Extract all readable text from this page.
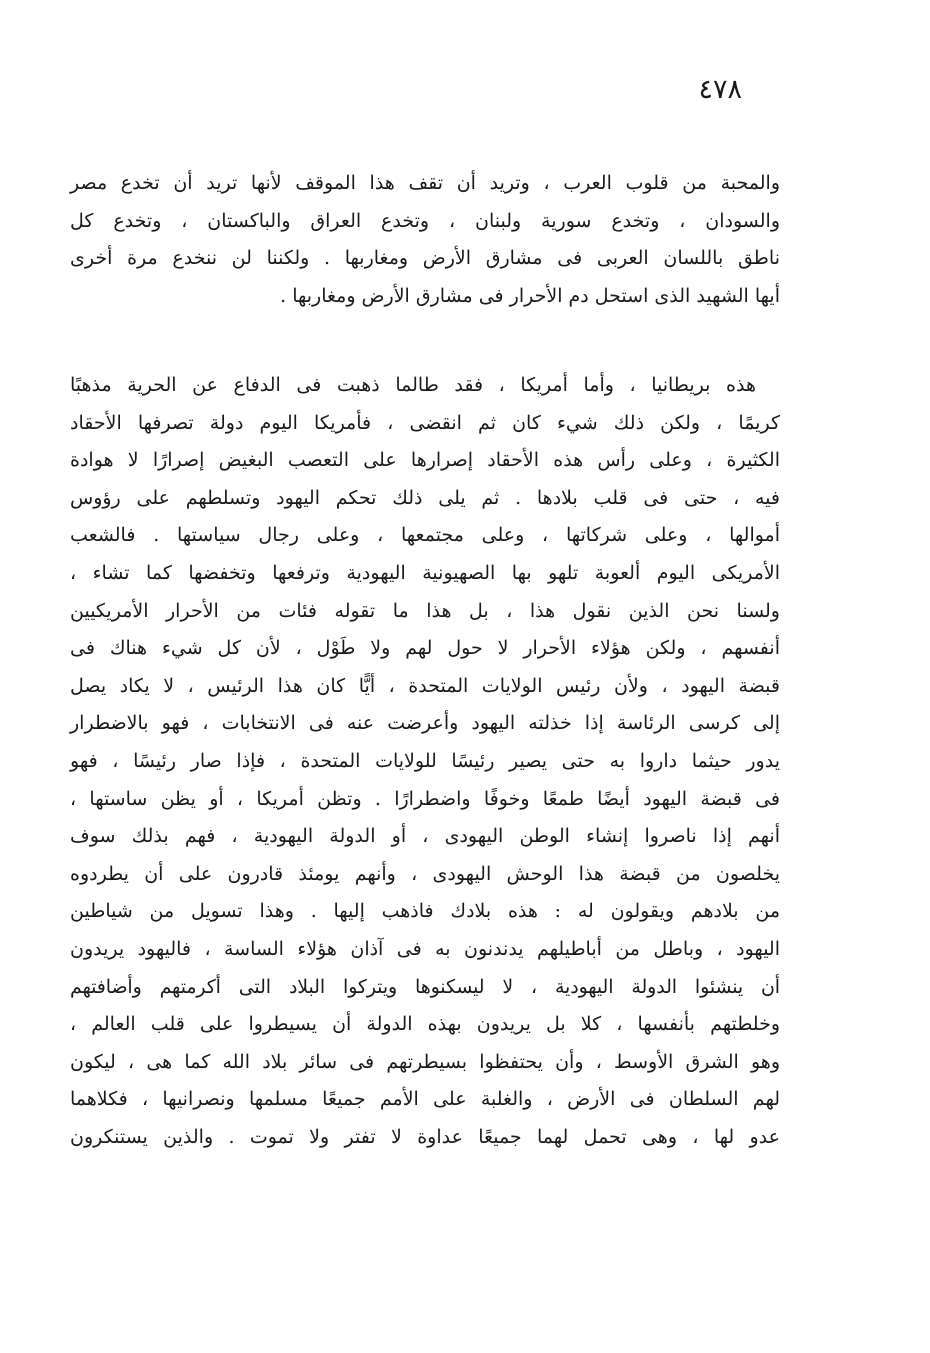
٤٧٨
والمحبة من قلوب العرب ، وتريد أن تقف هذا الموقف لأنها تريد أن تخدع مصر
والسودان ، وتخدع سورية ولبنان ، وتخدع العراق والباكستان ، وتخدع كل
ناطق باللسان العربى فى مشارق الأرض ومغاربها . ولكننا لن ننخدع مرة أخرى
أيها الشهيد الذى استحل دم الأحرار فى مشارق الأرض ومغاربها .
هذه بريطانيا ، وأما أمريكا ، فقد طالما ذهبت فى الدفاع عن الحرية مذهبًا
كريمًا ، ولكن ذلك شيء كان ثم انقضى ، فأمريكا اليوم دولة تصرفها الأحقاد
الكثيرة ، وعلى رأس هذه الأحقاد إصرارها على التعصب البغيض إصرارًا لا هوادة
فيه ، حتى فى قلب بلادها . ثم يلى ذلك تحكم اليهود وتسلطهم على رؤوس
أموالها ، وعلى شركاتها ، وعلى مجتمعها ، وعلى رجال سياستها . فالشعب
الأمريكى اليوم ألعوبة تلهو بها الصهيونية اليهودية وترفعها وتخفضها كما تشاء ،
ولسنا نحن الذين نقول هذا ، بل هذا ما تقوله فئات من الأحرار الأمريكيين
أنفسهم ، ولكن هؤلاء الأحرار لا حول لهم ولا طَوْل ، لأن كل شيء هناك فى
قبضة اليهود ، ولأن رئيس الولايات المتحدة ، أيًّا كان هذا الرئيس ، لا يكاد يصل
إلى كرسى الرئاسة إذا خذلته اليهود وأعرضت عنه فى الانتخابات ، فهو بالاضطرار
يدور حيثما داروا به حتى يصير رئيسًا للولايات المتحدة ، فإذا صار رئيسًا ، فهو
فى قبضة اليهود أيضًا طمعًا وخوفًا واضطرارًا . وتظن أمريكا ، أو يظن ساستها ،
أنهم إذا ناصروا إنشاء الوطن اليهودى ، أو الدولة اليهودية ، فهم بذلك سوف
يخلصون من قبضة هذا الوحش اليهودى ، وأنهم يومئذ قادرون على أن يطردوه
من بلادهم ويقولون له : هذه بلادك فاذهب إليها . وهذا تسويل من شياطين
اليهود ، وباطل من أباطيلهم يدندنون به فى آذان هؤلاء الساسة ، فاليهود يريدون
أن ينشئوا الدولة اليهودية ، لا ليسكنوها ويتركوا البلاد التى أكرمتهم وأضافتهم
وخلطتهم بأنفسها ، كلا بل يريدون بهذه الدولة أن يسيطروا على قلب العالم ،
وهو الشرق الأوسط ، وأن يحتفظوا بسيطرتهم فى سائر بلاد الله كما هى ، ليكون
لهم السلطان فى الأرض ، والغلبة على الأمم جميعًا مسلمها ونصرانيها ، فكلاهما
عدو لها ، وهى تحمل لهما جميعًا عداوة لا تفتر ولا تموت . والذين يستنكرون
